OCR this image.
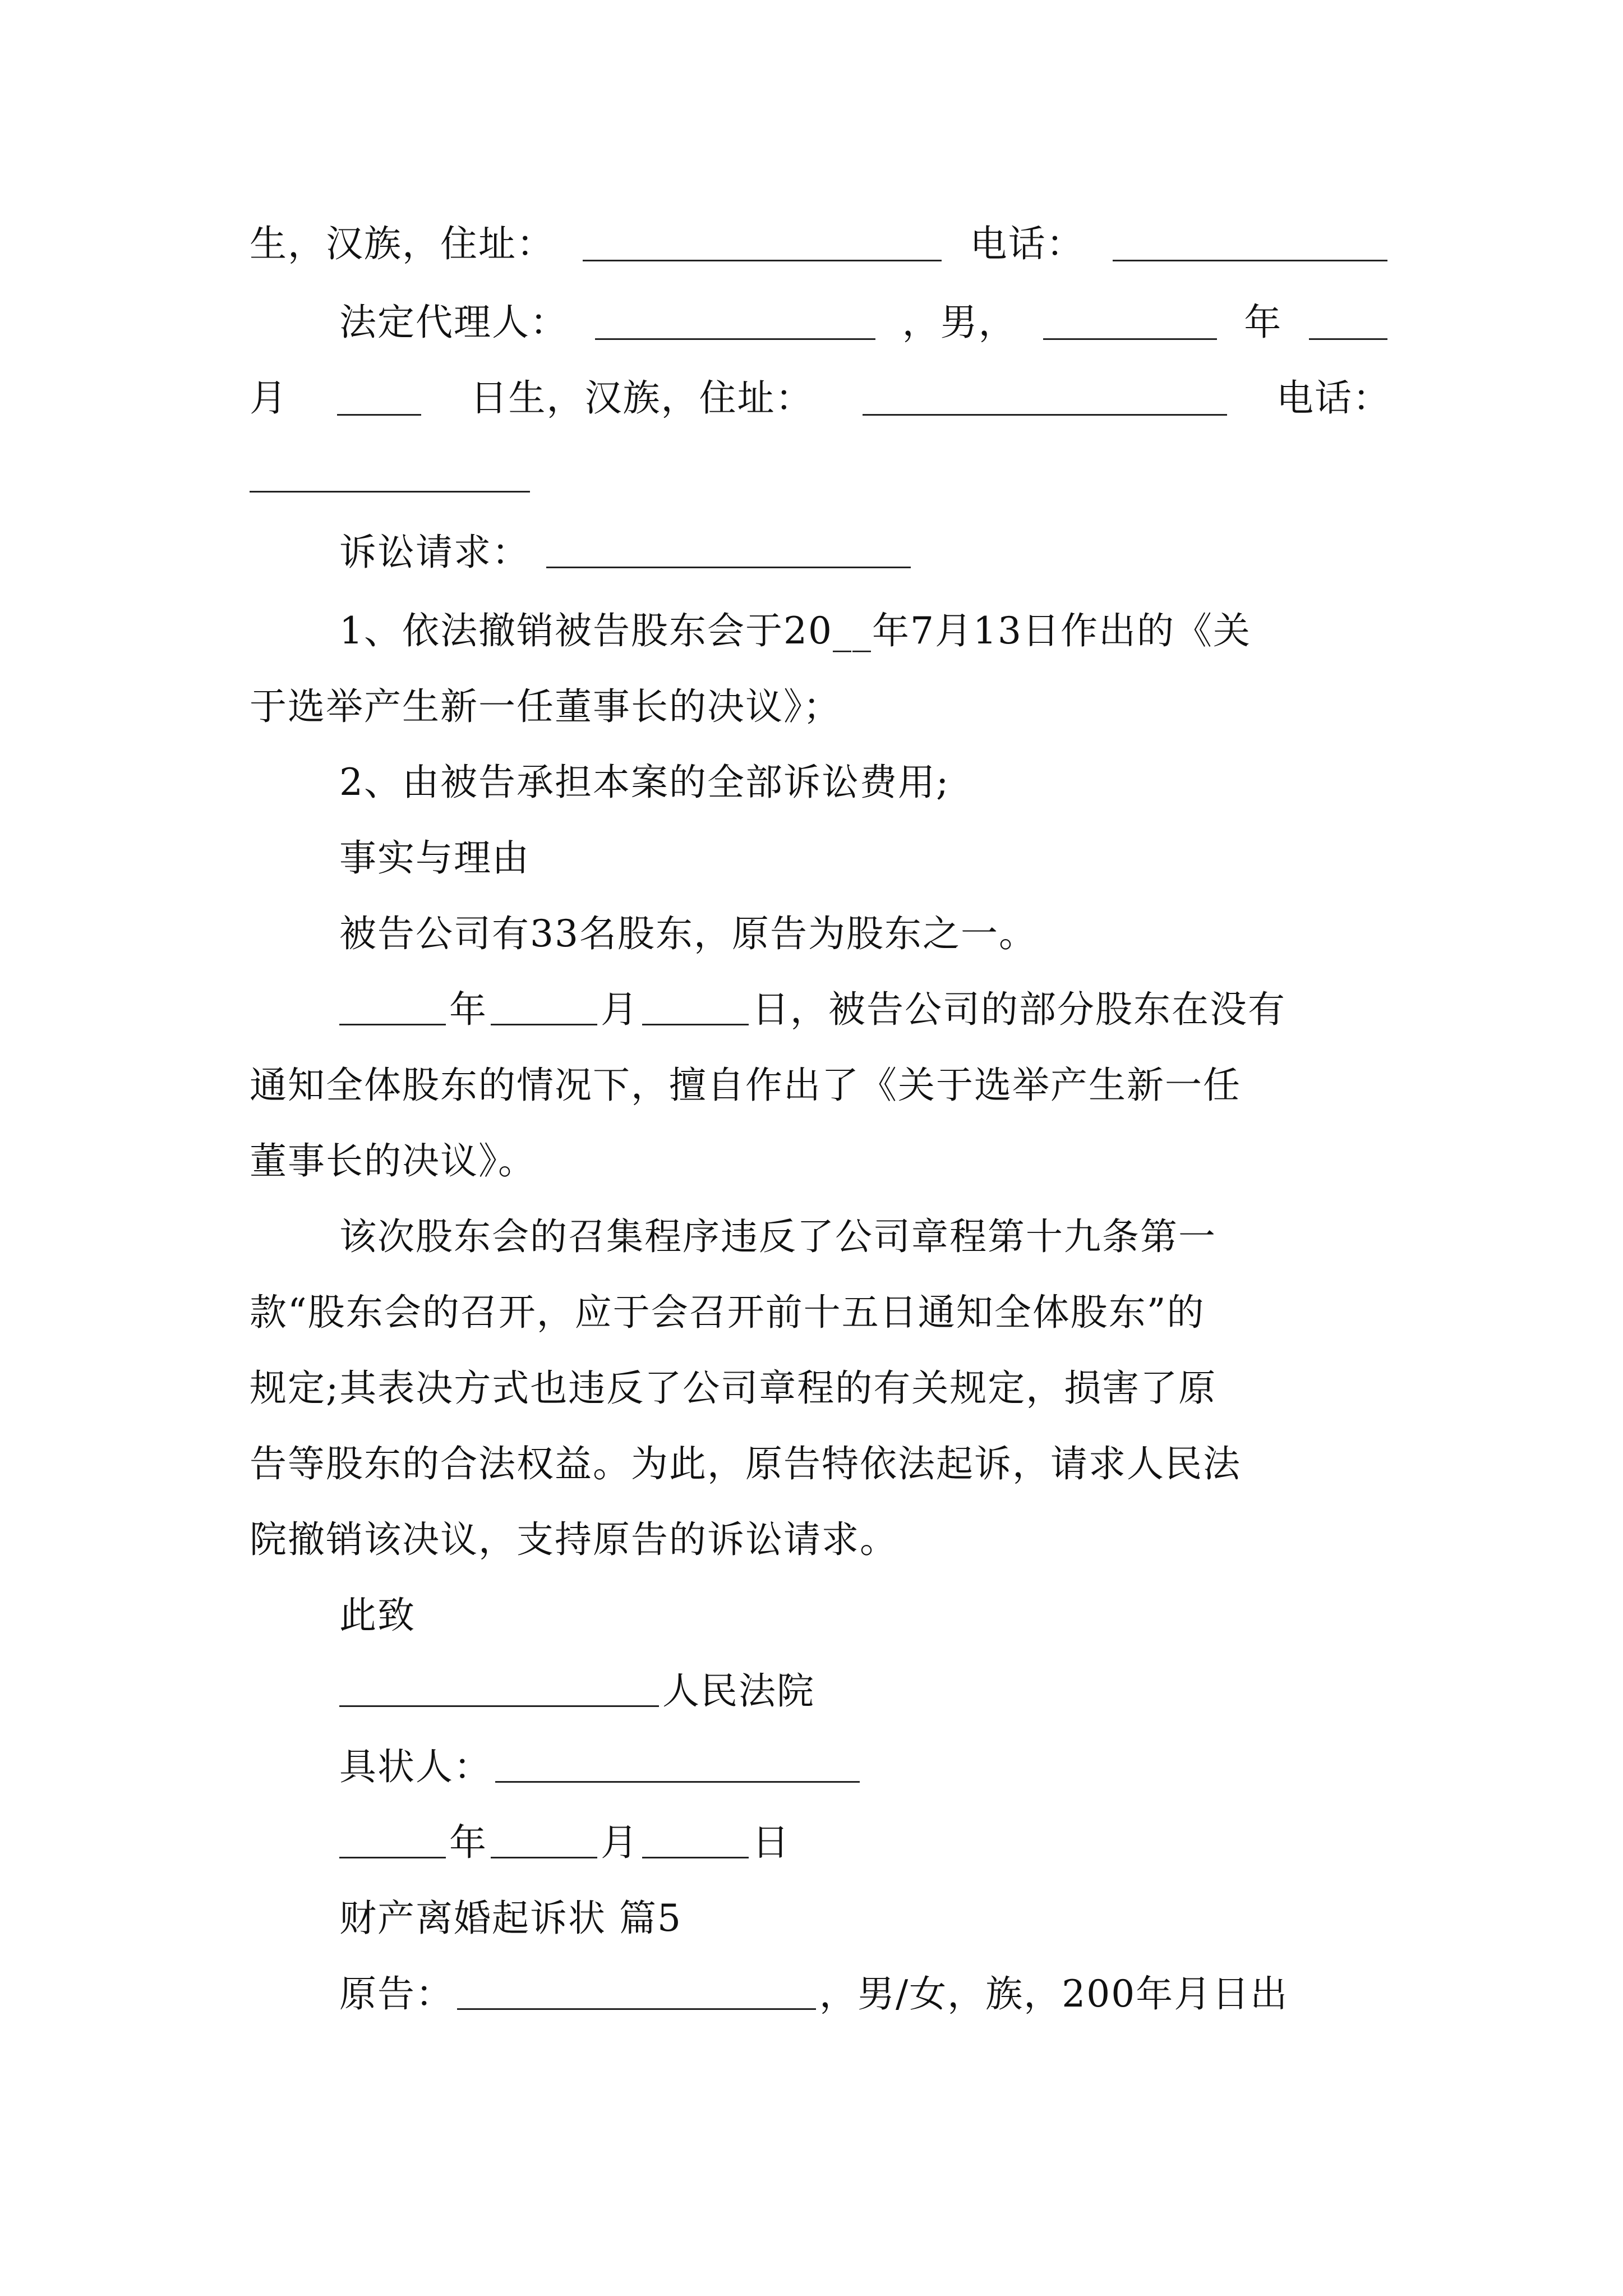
生，汉族，住址：	电话：
法定代理人：	，男，	年
月	日生，汉族，住址：	电话：
诉讼请求：
1、依法撤销被告股东会于20__年7月13日作出的《关
于选举产生新一任董事长的决议》；
2、由被告承担本案的全部诉讼费用;
事实与理由
被告公司有33名股东，原告为股东之一。
年	月	日，被告公司的部分股东在没有
通知全体股东的情况下，擅自作出了《关于选举产生新一任
董事长的决议》。
该次股东会的召集程序违反了公司章程第十九条第一
款“股东会的召开，应于会召开前十五日通知全体股东”的
规定;其表决方式也违反了公司章程的有关规定，损害了原
告等股东的合法权益。为此，原告特依法起诉，请求人民法
院撤销该决议，支持原告的诉讼请求。
此致
人民法院
具状人：
年	月	日
财产离婚起诉状 篇5
原告：	，男/女，族，200年月日出
